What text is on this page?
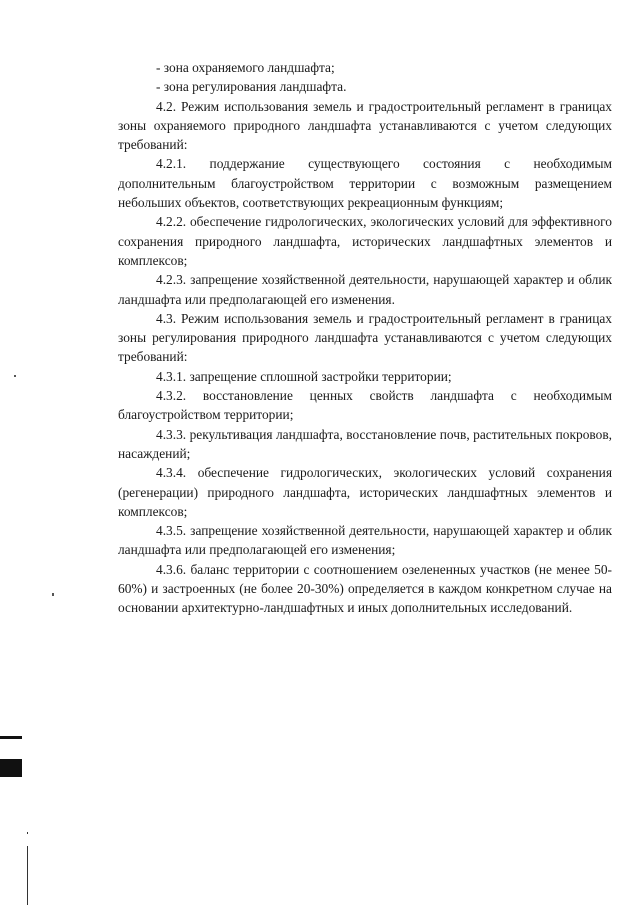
- зона охраняемого ландшафта;

- зона регулирования ландшафта.

4.2. Режим использования земель и градостроительный регламент в границах зоны охраняемого природного ландшафта устанавливаются с учетом следующих требований:

4.2.1. поддержание существующего состояния с необходимым дополнительным благоустройством территории с возможным размещением небольших объектов, соответствующих рекреационным функциям;

4.2.2. обеспечение гидрологических, экологических условий для эффективного сохранения природного ландшафта, исторических ландшафтных элементов и комплексов;

4.2.3. запрещение хозяйственной деятельности, нарушающей характер и облик ландшафта или предполагающей его изменения.

4.3. Режим использования земель и градостроительный регламент в границах зоны регулирования природного ландшафта устанавливаются с учетом следующих требований:

4.3.1. запрещение сплошной застройки территории;

4.3.2. восстановление ценных свойств ландшафта с необходимым благоустройством территории;

4.3.3. рекультивация ландшафта, восстановление почв, растительных покровов, насаждений;

4.3.4. обеспечение гидрологических, экологических условий сохранения (регенерации) природного ландшафта, исторических ландшафтных элементов и комплексов;

4.3.5. запрещение хозяйственной деятельности, нарушающей характер и облик ландшафта или предполагающей его изменения;

4.3.6. баланс территории с соотношением озелененных участков (не менее 50-60%) и застроенных (не более 20-30%) определяется в каждом конкретном случае на основании архитектурно-ландшафтных и иных дополнительных исследований.
